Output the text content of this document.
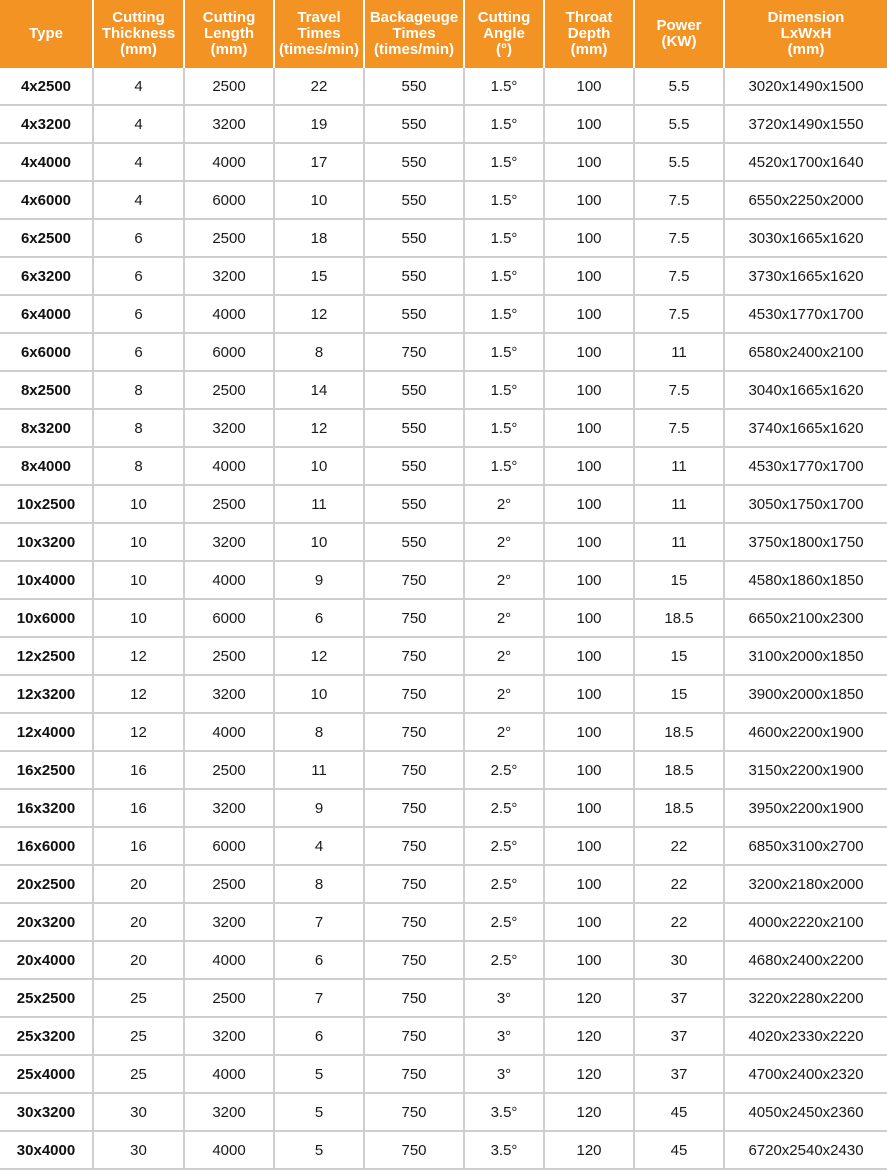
Type	Cutting
Thickness
(mm)	Cutting
Length
(mm)	Travel
Times
(times/min)	Backageuge
Times
(times/min)	Cutting
Angle
(°)	Throat
Depth
(mm)	Power
(KW)	Dimension
LxWxH
(mm)
4x2500	4	2500	22	550	1.5°	100	5.5	3020x1490x1500
4x3200	4	3200	19	550	1.5°	100	5.5	3720x1490x1550
4x4000	4	4000	17	550	1.5°	100	5.5	4520x1700x1640
4x6000	4	6000	10	550	1.5°	100	7.5	6550x2250x2000
6x2500	6	2500	18	550	1.5°	100	7.5	3030x1665x1620
6x3200	6	3200	15	550	1.5°	100	7.5	3730x1665x1620
6x4000	6	4000	12	550	1.5°	100	7.5	4530x1770x1700
6x6000	6	6000	8	750	1.5°	100	11	6580x2400x2100
8x2500	8	2500	14	550	1.5°	100	7.5	3040x1665x1620
8x3200	8	3200	12	550	1.5°	100	7.5	3740x1665x1620
8x4000	8	4000	10	550	1.5°	100	11	4530x1770x1700
10x2500	10	2500	11	550	2°	100	11	3050x1750x1700
10x3200	10	3200	10	550	2°	100	11	3750x1800x1750
10x4000	10	4000	9	750	2°	100	15	4580x1860x1850
10x6000	10	6000	6	750	2°	100	18.5	6650x2100x2300
12x2500	12	2500	12	750	2°	100	15	3100x2000x1850
12x3200	12	3200	10	750	2°	100	15	3900x2000x1850
12x4000	12	4000	8	750	2°	100	18.5	4600x2200x1900
16x2500	16	2500	11	750	2.5°	100	18.5	3150x2200x1900
16x3200	16	3200	9	750	2.5°	100	18.5	3950x2200x1900
16x6000	16	6000	4	750	2.5°	100	22	6850x3100x2700
20x2500	20	2500	8	750	2.5°	100	22	3200x2180x2000
20x3200	20	3200	7	750	2.5°	100	22	4000x2220x2100
20x4000	20	4000	6	750	2.5°	100	30	4680x2400x2200
25x2500	25	2500	7	750	3°	120	37	3220x2280x2200
25x3200	25	3200	6	750	3°	120	37	4020x2330x2220
25x4000	25	4000	5	750	3°	120	37	4700x2400x2320
30x3200	30	3200	5	750	3.5°	120	45	4050x2450x2360
30x4000	30	4000	5	750	3.5°	120	45	6720x2540x2430
